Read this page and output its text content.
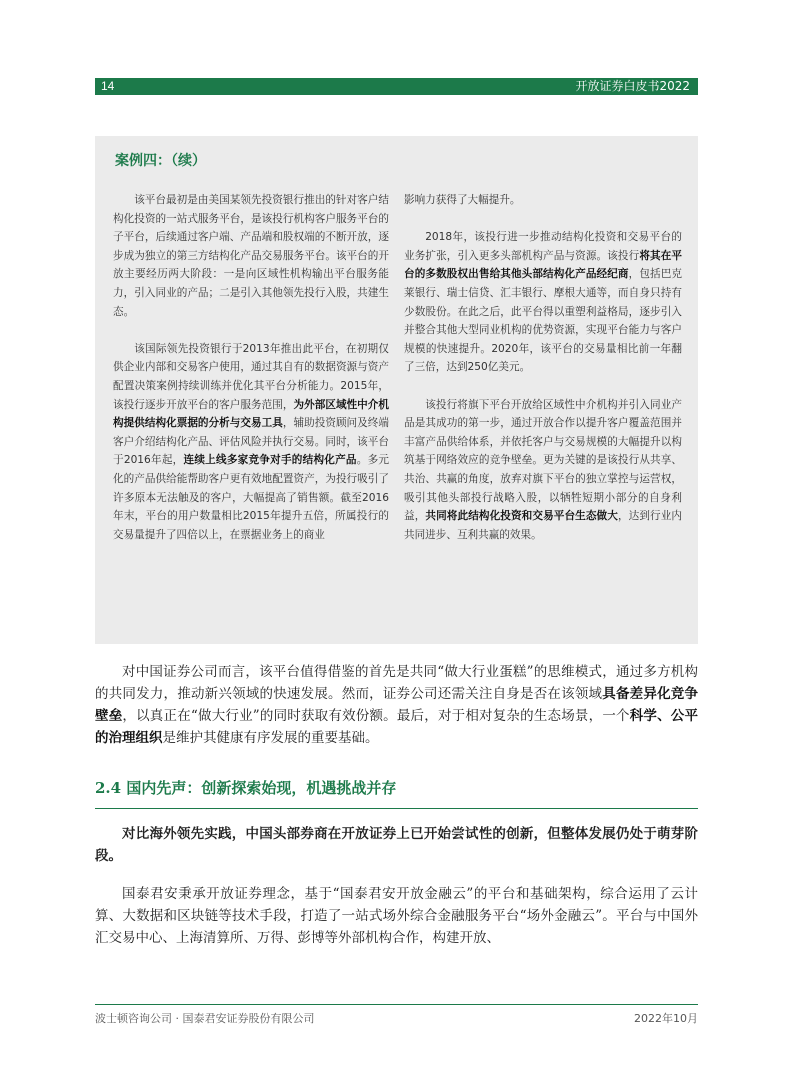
14	开放证券白皮书2022
案例四：（续）

该平台最初是由美国某领先投资银行推出的针对客户结构化投资的一站式服务平台，是该投行机构客户服务平台的子平台，后续通过客户端、产品端和股权端的不断开放，逐步成为独立的第三方结构化产品交易服务平台。该平台的开放主要经历两大阶段：一是向区域性机构输出平台服务能力，引入同业的产品；二是引入其他领先投行入股，共建生态。

该国际领先投资银行于2013年推出此平台，在初期仅供企业内部和交易客户使用，通过其自有的数据资源与资产配置决策案例持续训练并优化其平台分析能力。2015年，该投行逐步开放平台的客户服务范围，为外部区域性中介机构提供结构化票据的分析与交易工具，辅助投资顾问及终端客户介绍结构化产品、评估风险并执行交易。同时，该平台于2016年起，连续上线多家竞争对手的结构化产品。多元化的产品供给能帮助客户更有效地配置资产，为投行吸引了许多原本无法触及的客户，大幅提高了销售额。截至2016年末，平台的用户数量相比2015年提升五倍，所属投行的交易量提升了四倍以上，在票据业务上的商业

影响力获得了大幅提升。

2018年，该投行进一步推动结构化投资和交易平台的业务扩张，引入更多头部机构产品与资源。该投行将其在平台的多数股权出售给其他头部结构化产品经纪商，包括巴克莱银行、瑞士信贷、汇丰银行、摩根大通等，而自身只持有少数股份。在此之后，此平台得以重塑利益格局，逐步引入并整合其他大型同业机构的优势资源，实现平台能力与客户规模的快速提升。2020年，该平台的交易量相比前一年翻了三倍，达到250亿美元。

该投行将旗下平台开放给区域性中介机构并引入同业产品是其成功的第一步，通过开放合作以提升客户覆盖范围并丰富产品供给体系，并依托客户与交易规模的大幅提升以构筑基于网络效应的竞争壁垒。更为关键的是该投行从共享、共治、共赢的角度，放弃对旗下平台的独立掌控与运营权，吸引其他头部投行战略入股，以牺牲短期小部分的自身利益，共同将此结构化投资和交易平台生态做大，达到行业内共同进步、互利共赢的效果。

对中国证券公司而言，该平台值得借鉴的首先是共同“做大行业蛋糕”的思维模式，通过多方机构的共同发力，推动新兴领域的快速发展。然而，证券公司还需关注自身是否在该领域具备差异化竞争壁垒，以真正在“做大行业”的同时获取有效份额。最后，对于相对复杂的生态场景，一个科学、公平的治理组织是维护其健康有序发展的重要基础。

2.4 国内先声：创新探索始现，机遇挑战并存

对比海外领先实践，中国头部券商在开放证券上已开始尝试性的创新，但整体发展仍处于萌芽阶段。

国泰君安秉承开放证券理念，基于“国泰君安开放金融云”的平台和基础架构，综合运用了云计算、大数据和区块链等技术手段，打造了一站式场外综合金融服务平台“场外金融云”。平台与中国外汇交易中心、上海清算所、万得、彭博等外部机构合作，构建开放、

波士顿咨询公司 · 国泰君安证券股份有限公司	2022年10月
